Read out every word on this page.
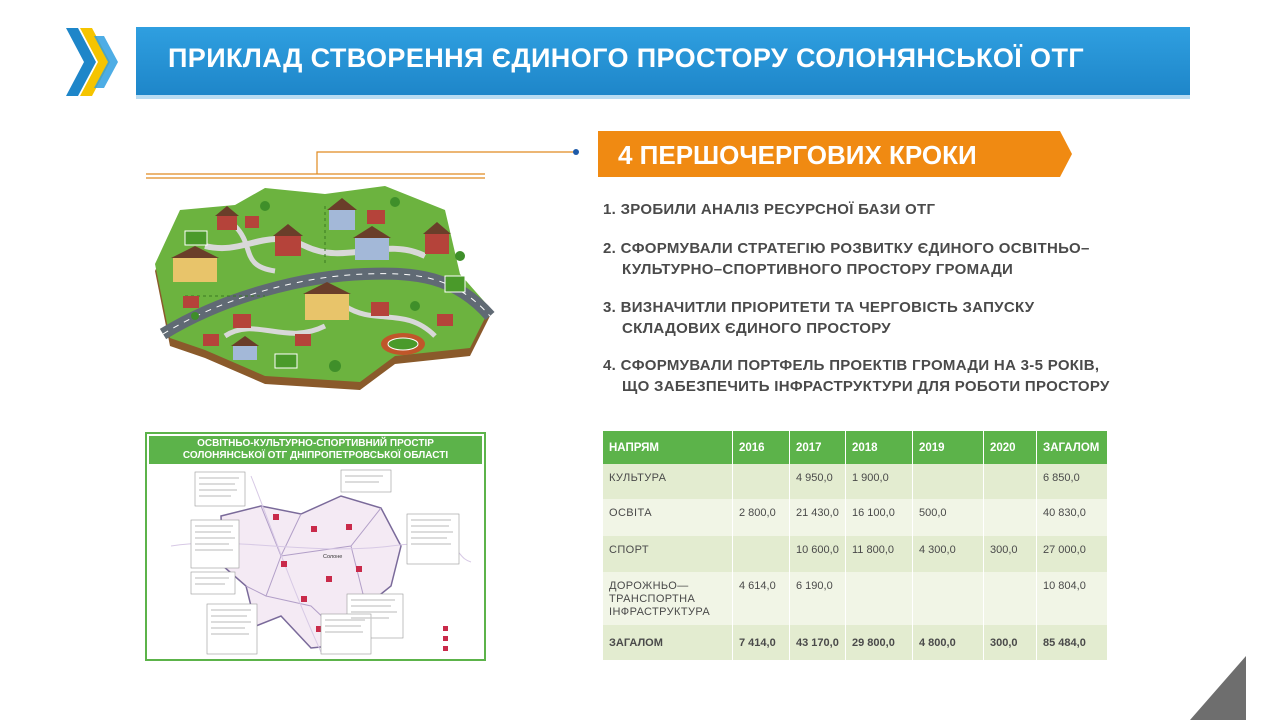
ПРИКЛАД СТВОРЕННЯ ЄДИНОГО ПРОСТОРУ СОЛОНЯНСЬКОЇ ОТГ
4 ПЕРШОЧЕРГОВИХ КРОКИ
1. ЗРОБИЛИ АНАЛІЗ РЕСУРСНОЇ БАЗИ ОТГ
2. СФОРМУВАЛИ СТРАТЕГІЮ РОЗВИТКУ ЄДИНОГО ОСВІТНЬО–
КУЛЬТУРНО–СПОРТИВНОГО ПРОСТОРУ ГРОМАДИ
3. ВИЗНАЧИТЛИ ПРІОРИТЕТИ ТА ЧЕРГОВІСТЬ ЗАПУСКУ
СКЛАДОВИХ ЄДИНОГО ПРОСТОРУ
4. СФОРМУВАЛИ ПОРТФЕЛЬ ПРОЕКТІВ ГРОМАДИ НА 3-5 РОКІВ,
ЩО ЗАБЕЗПЕЧИТЬ ІНФРАСТРУКТУРИ ДЛЯ РОБОТИ ПРОСТОРУ
ОСВІТНЬО-КУЛЬТУРНО-СПОРТИВНИЙ ПРОСТІР
СОЛОНЯНСЬКОЇ ОТГ ДНІПРОПЕТРОВСЬКОЇ ОБЛАСТІ
Солоне
НАПРЯМ	2016	2017	2018	2019	2020	ЗАГАЛОМ
КУЛЬТУРА		4 950,0	1 900,0			6 850,0
ОСВІТА	2 800,0	21 430,0	16 100,0	500,0		40 830,0
СПОРТ		10 600,0	11 800,0	4 300,0	300,0	27 000,0
ДОРОЖНЬО—
ТРАНСПОРТНА
ІНФРАСТРУКТУРА	4 614,0	6 190,0				10 804,0
ЗАГАЛОМ	7 414,0	43 170,0	29 800,0	4 800,0	300,0	85 484,0
